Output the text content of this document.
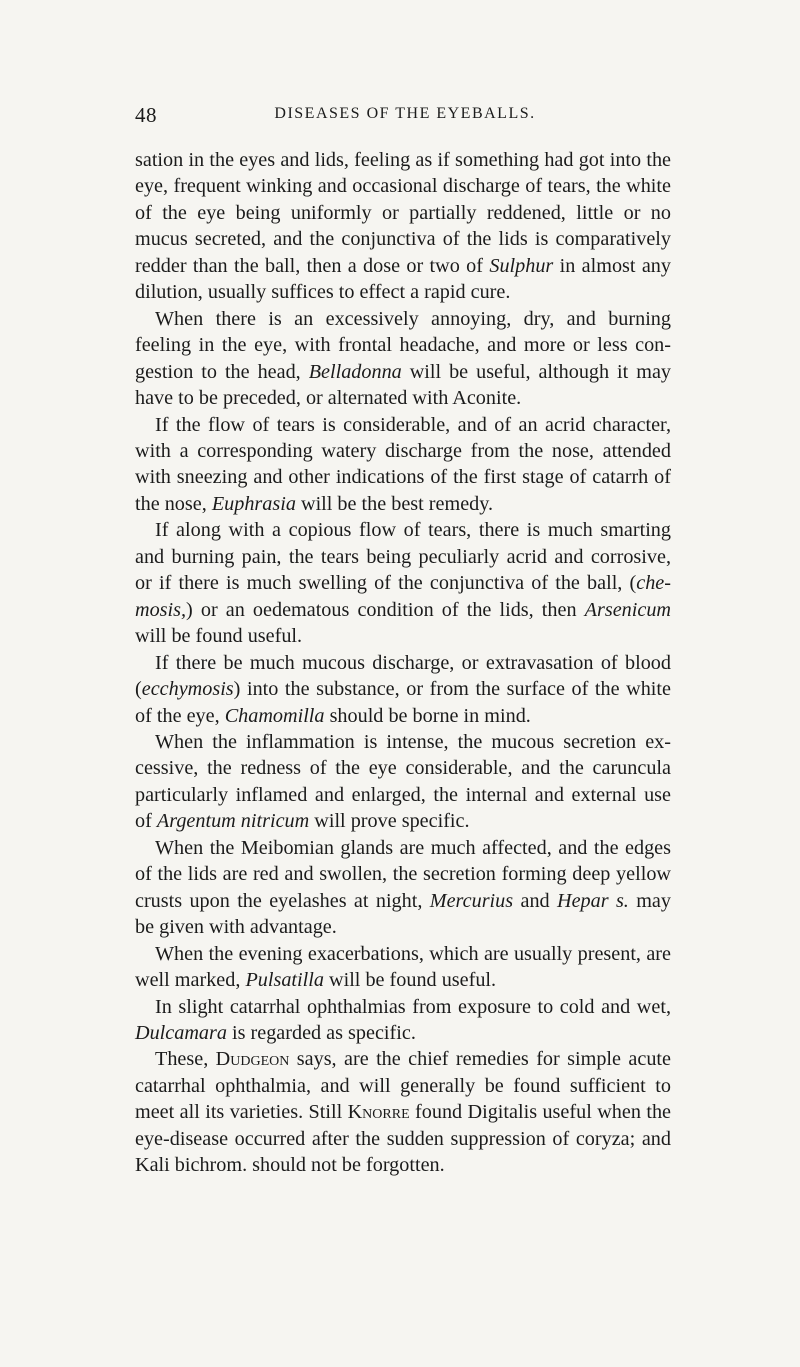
48	DISEASES OF THE EYEBALLS.

sation in the eyes and lids, feeling as if something had got into the eye, frequent winking and occasional discharge of tears, the white of the eye being uniformly or partially reddened, little or no mucus secreted, and the conjunctiva of the lids is comparatively redder than the ball, then a dose or two of Sulphur in almost any dilution, usually suffices to effect a rapid cure.

When there is an excessively annoying, dry, and burning feeling in the eye, with frontal headache, and more or less con gestion to the head, Belladonna will be useful, although it may have to be preceded, or alternated with Aconite.

If the flow of tears is considerable, and of an acrid character, with a corresponding watery discharge from the nose, attended with sneezing and other indications of the first stage of catarrh of the nose, Euphrasia will be the best remedy.

If along with a copious flow of tears, there is much smarting and burning pain, the tears being peculiarly acrid and corrosive, or if there is much swelling of the conjunctiva of the ball, (che mosis,) or an oedematous condition of the lids, then Arsenicum will be found useful.

If there be much mucous discharge, or extravasation of blood (ecchymosis) into the substance, or from the surface of the white of the eye, Chamomilla should be borne in mind.

When the inflammation is intense, the mucous secretion ex cessive, the redness of the eye considerable, and the caruncula particularly inflamed and enlarged, the internal and external use of Argentum nitricum will prove specific.

When the Meibomian glands are much affected, and the edges of the lids are red and swollen, the secretion forming deep yellow crusts upon the eyelashes at night, Mercurius and Hepar s. may be given with advantage.

When the evening exacerbations, which are usually present, are well marked, Pulsatilla will be found useful.

In slight catarrhal ophthalmias from exposure to cold and wet, Dulcamara is regarded as specific.

These, Dudgeon says, are the chief remedies for simple acute catarrhal ophthalmia, and will generally be found sufficient to meet all its varieties. Still Knorre found Digitalis useful when the eye-disease occurred after the sudden suppression of coryza; and Kali bichrom. should not be forgotten.
